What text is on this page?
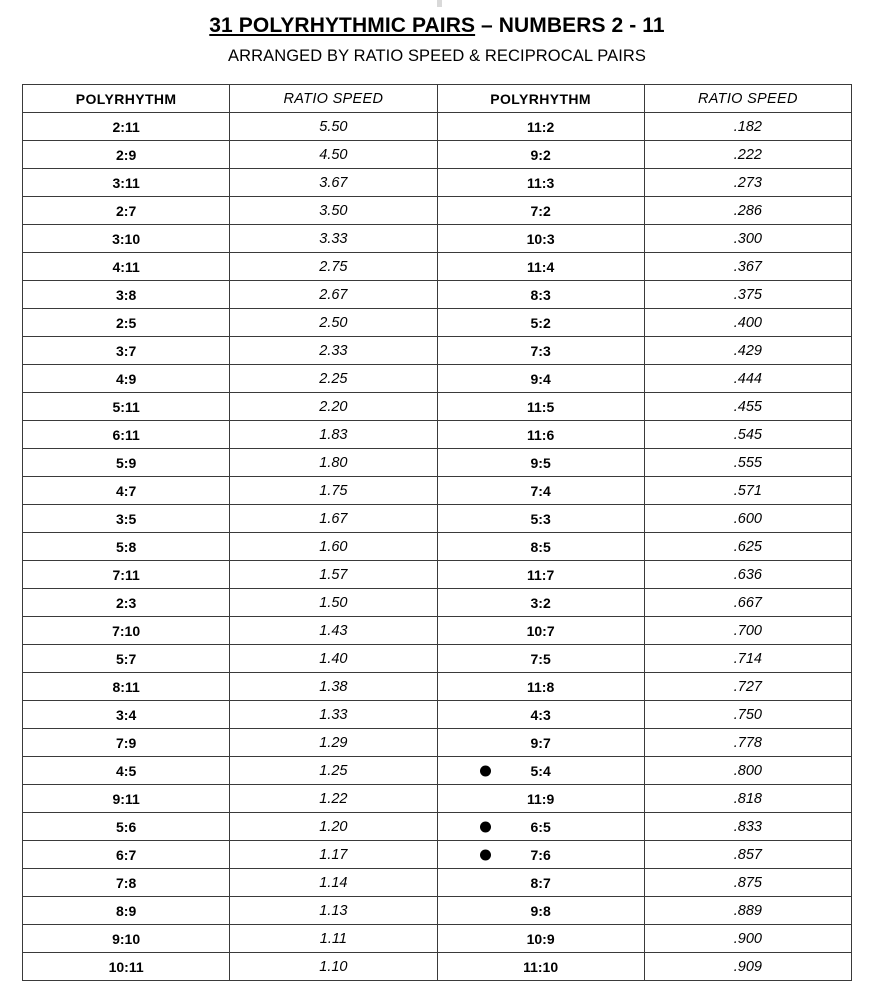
31 POLYRHYTHMIC PAIRS – NUMBERS 2 - 11
ARRANGED BY RATIO SPEED & RECIPROCAL PAIRS
POLYRHYTHM	RATIO SPEED	POLYRHYTHM	RATIO SPEED
2:11	5.50	11:2	.182
2:9	4.50	9:2	.222
3:11	3.67	11:3	.273
2:7	3.50	7:2	.286
3:10	3.33	10:3	.300
4:11	2.75	11:4	.367
3:8	2.67	8:3	.375
2:5	2.50	5:2	.400
3:7	2.33	7:3	.429
4:9	2.25	9:4	.444
5:11	2.20	11:5	.455
6:11	1.83	11:6	.545
5:9	1.80	9:5	.555
4:7	1.75	7:4	.571
3:5	1.67	5:3	.600
5:8	1.60	8:5	.625
7:11	1.57	11:7	.636
2:3	1.50	3:2	.667
7:10	1.43	10:7	.700
5:7	1.40	7:5	.714
8:11	1.38	11:8	.727
3:4	1.33	4:3	.750
7:9	1.29	9:7	.778
4:5	1.25	5:4	.800
9:11	1.22	11:9	.818
5:6	1.20	6:5	.833
6:7	1.17	7:6	.857
7:8	1.14	8:7	.875
8:9	1.13	9:8	.889
9:10	1.11	10:9	.900
10:11	1.10	11:10	.909
